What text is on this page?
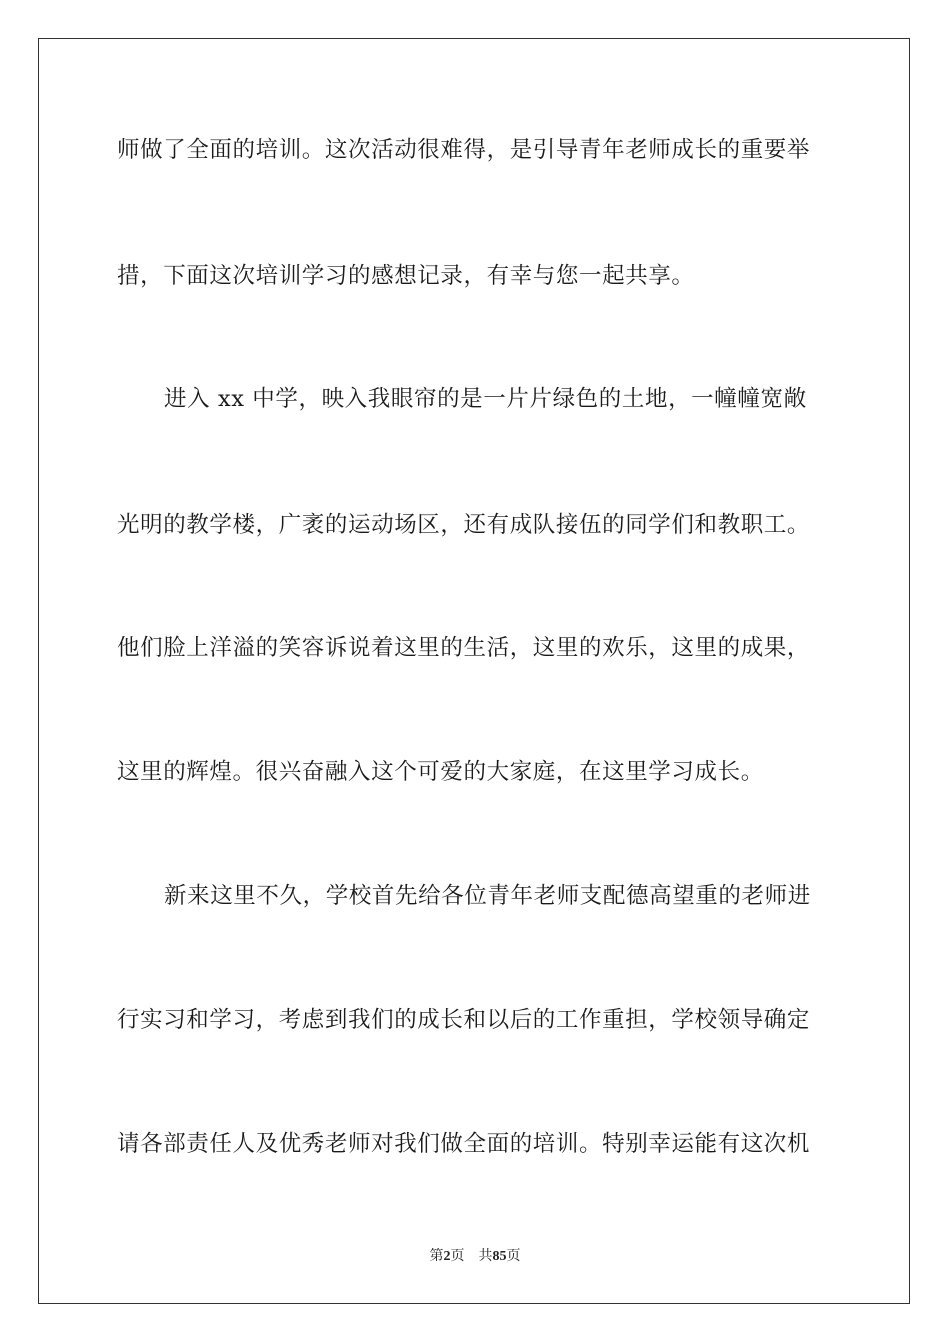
师做了全面的培训。这次活动很难得，是引导青年老师成长的重要举
措，下面这次培训学习的感想记录，有幸与您一起共享。
进入 xx 中学，映入我眼帘的是一片片绿色的土地，一幢幢宽敞
光明的教学楼，广袤的运动场区，还有成队接伍的同学们和教职工。
他们脸上洋溢的笑容诉说着这里的生活，这里的欢乐，这里的成果，
这里的辉煌。很兴奋融入这个可爱的大家庭，在这里学习成长。
新来这里不久，学校首先给各位青年老师支配德高望重的老师进
行实习和学习，考虑到我们的成长和以后的工作重担，学校领导确定
请各部责任人及优秀老师对我们做全面的培训。特别幸运能有这次机
第2页 共85页
